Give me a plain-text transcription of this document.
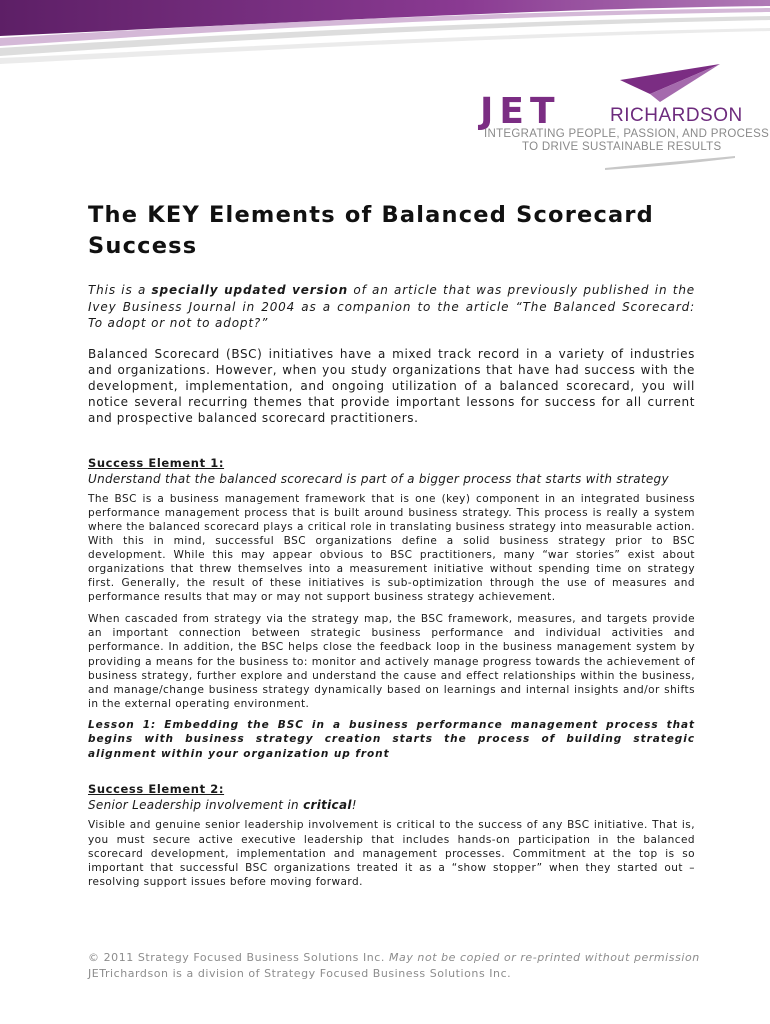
JET	RICHARDSON
INTEGRATING PEOPLE, PASSION, AND PROCESS
TO DRIVE SUSTAINABLE RESULTS
The KEY Elements of Balanced Scorecard Success

This is a specially updated version of an article that was previously published in the Ivey Business Journal in 2004 as a companion to the article “The Balanced Scorecard: To adopt or not to adopt?”

Balanced Scorecard (BSC) initiatives have a mixed track record in a variety of industries and organizations. However, when you study organizations that have had success with the development, implementation, and ongoing utilization of a balanced scorecard, you will notice several recurring themes that provide important lessons for success for all current and prospective balanced scorecard practitioners.

Success Element 1:
Understand that the balanced scorecard is part of a bigger process that starts with strategy

The BSC is a business management framework that is one (key) component in an integrated business performance management process that is built around business strategy. This process is really a system where the balanced scorecard plays a critical role in translating business strategy into measurable action. With this in mind, successful BSC organizations define a solid business strategy prior to BSC development. While this may appear obvious to BSC practitioners, many “war stories” exist about organizations that threw themselves into a measurement initiative without spending time on strategy first. Generally, the result of these initiatives is sub-optimization through the use of measures and performance results that may or may not support business strategy achievement.

When cascaded from strategy via the strategy map, the BSC framework, measures, and targets provide an important connection between strategic business performance and individual activities and performance. In addition, the BSC helps close the feedback loop in the business management system by providing a means for the business to: monitor and actively manage progress towards the achievement of business strategy, further explore and understand the cause and effect relationships within the business, and manage/change business strategy dynamically based on learnings and internal insights and/or shifts in the external operating environment.

Lesson 1: Embedding the BSC in a business performance management process that begins with business strategy creation starts the process of building strategic alignment within your organization up front

Success Element 2:
Senior Leadership involvement in critical!

Visible and genuine senior leadership involvement is critical to the success of any BSC initiative. That is, you must secure active executive leadership that includes hands-on participation in the balanced scorecard development, implementation and management processes. Commitment at the top is so important that successful BSC organizations treated it as a “show stopper” when they started out – resolving support issues before moving forward.

© 2011 Strategy Focused Business Solutions Inc. May not be copied or re-printed without permission
JETrichardson is a division of Strategy Focused Business Solutions Inc.
